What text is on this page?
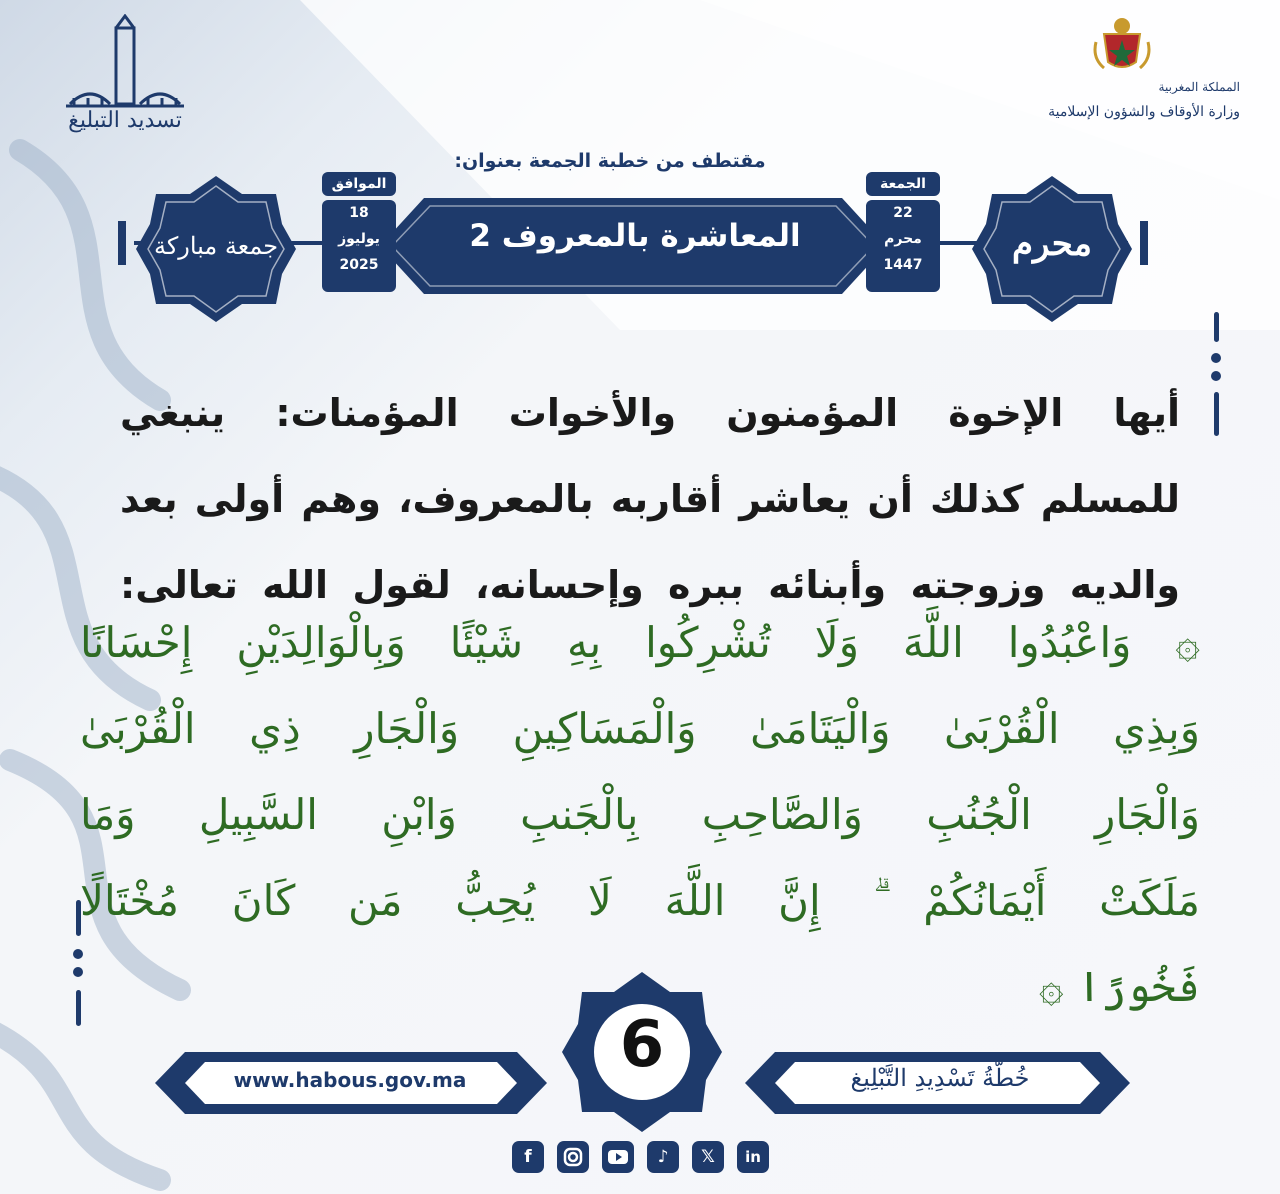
تسديد التبليغ
المملكة المغربية
وزارة الأوقاف والشؤون الإسلامية
مقتطف من خطبة الجمعة بعنوان:
جمعة مباركة	محرم
المعاشرة بالمعروف 2
الجمعة
22
محرم
1447
الموافق
18
يوليوز
2025
أيها الإخوة المؤمنون والأخوات المؤمنات: ينبغي
للمسلم كذلك أن يعاشر أقاربه بالمعروف، وهم أولى بعد
والديه وزوجته وأبنائه ببره وإحسانه، لقول الله تعالى:
۞ وَاعْبُدُوا اللَّهَ وَلَا تُشْرِكُوا بِهِ شَيْئًا وَبِالْوَالِدَيْنِ إِحْسَانًا
وَبِذِي الْقُرْبَىٰ وَالْيَتَامَىٰ وَالْمَسَاكِينِ وَالْجَارِ ذِي الْقُرْبَىٰ
وَالْجَارِ الْجُنُبِ وَالصَّاحِبِ بِالْجَنبِ وَابْنِ السَّبِيلِ وَمَا
مَلَكَتْ أَيْمَانُكُمْ ۗ إِنَّ اللَّهَ لَا يُحِبُّ مَن كَانَ مُخْتَالًا
فَخُورًا ۞
www.habous.gov.ma	خُطَّةُ تَسْدِيدِ التَّبْلِيغ
6
f	♪	𝕏	in
